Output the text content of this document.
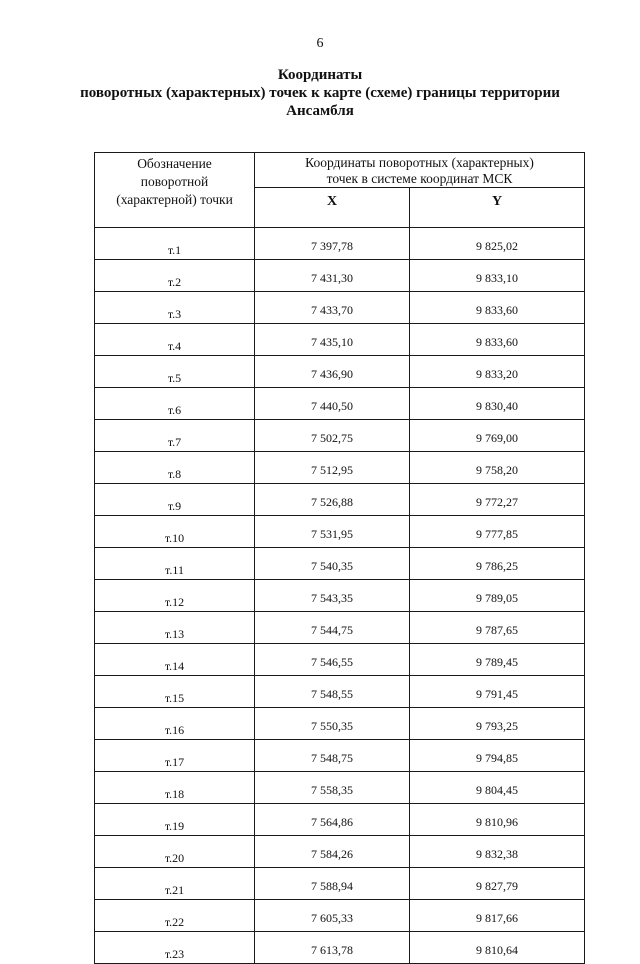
6
Координаты
поворотных (характерных) точек к карте (схеме) границы территории
Ансамбля
Обозначение
поворотной
(характерной) точки	Координаты поворотных (характерных)
точек в системе координат МСК	

	X	Y

т.1	7 397,78	9 825,02
т.2	7 431,30	9 833,10
т.3	7 433,70	9 833,60
т.4	7 435,10	9 833,60
т.5	7 436,90	9 833,20
т.6	7 440,50	9 830,40
т.7	7 502,75	9 769,00
т.8	7 512,95	9 758,20
т.9	7 526,88	9 772,27
т.10	7 531,95	9 777,85
т.11	7 540,35	9 786,25
т.12	7 543,35	9 789,05
т.13	7 544,75	9 787,65
т.14	7 546,55	9 789,45
т.15	7 548,55	9 791,45
т.16	7 550,35	9 793,25
т.17	7 548,75	9 794,85
т.18	7 558,35	9 804,45
т.19	7 564,86	9 810,96
т.20	7 584,26	9 832,38
т.21	7 588,94	9 827,79
т.22	7 605,33	9 817,66
т.23	7 613,78	9 810,64
